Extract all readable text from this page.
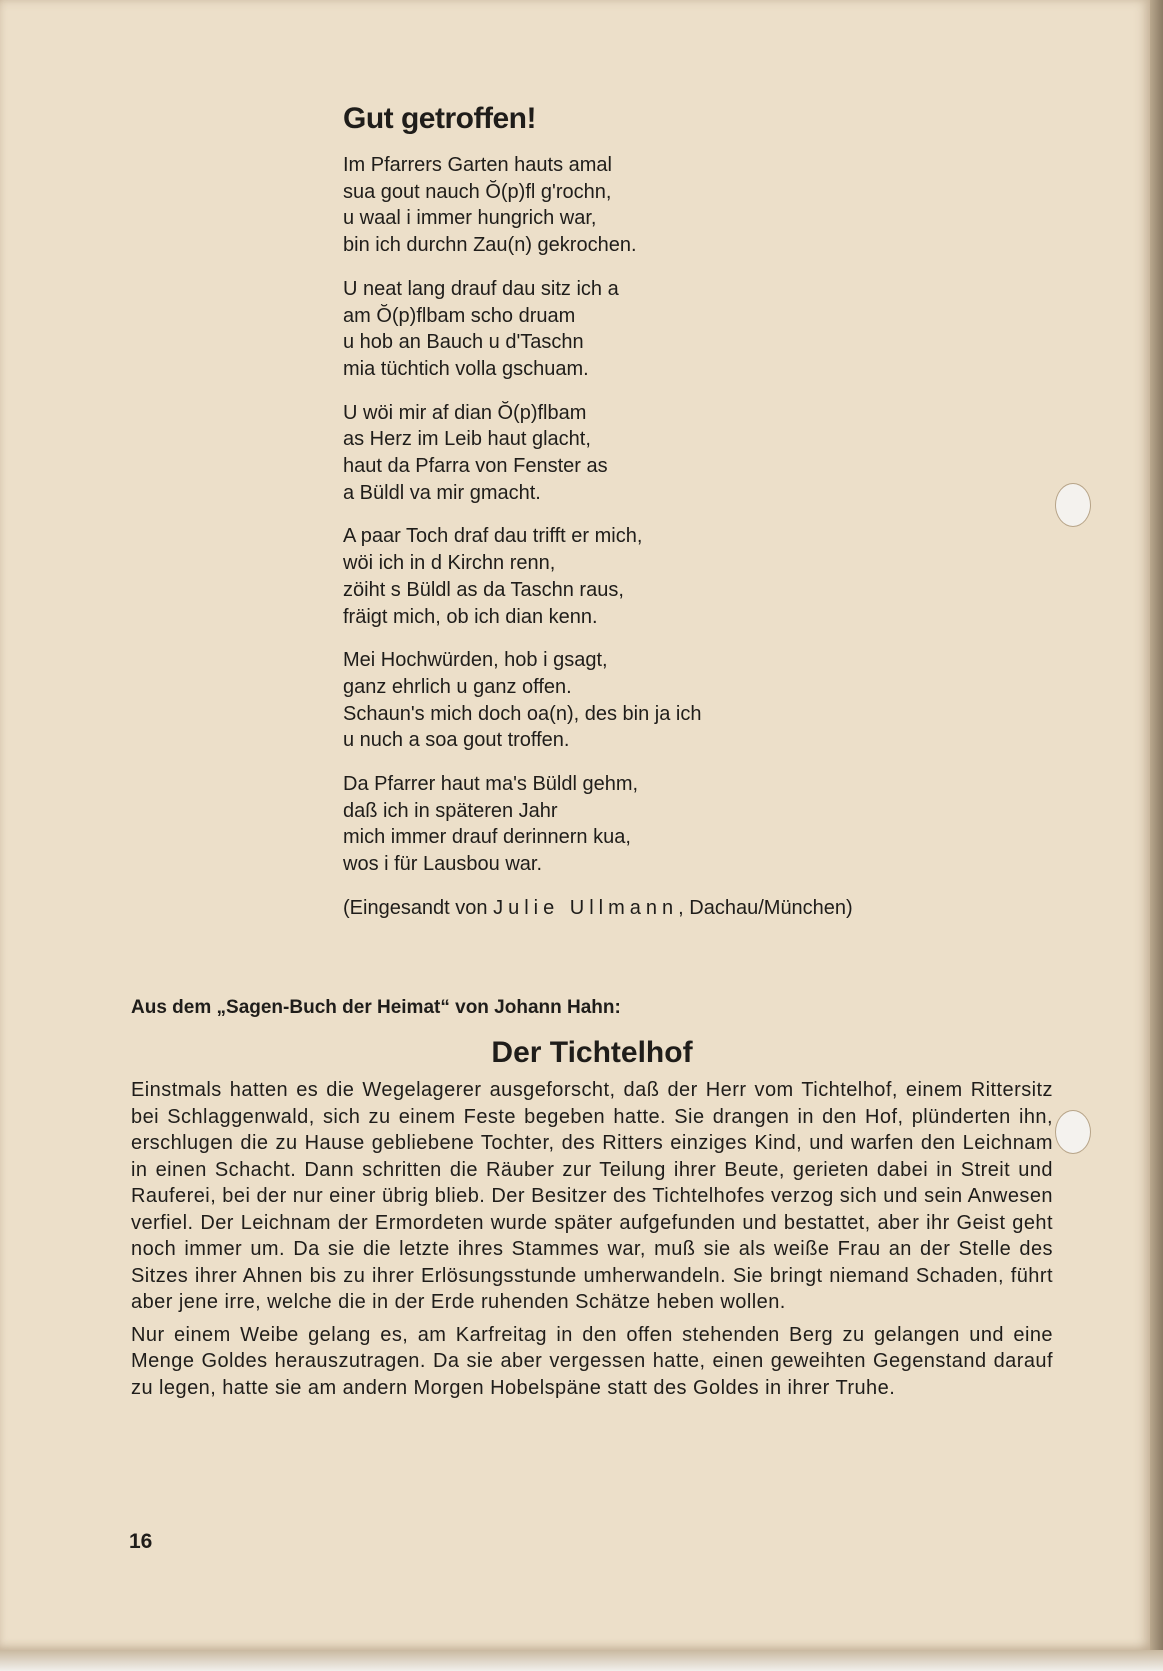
Gut getroffen!
Im Pfarrers Garten hauts amal
sua gout nauch Ŏ(p)fl g'rochn,
u waal i immer hungrich war,
bin ich durchn Zau(n) gekrochen.
U neat lang drauf dau sitz ich a
am Ŏ(p)flbam scho druam
u hob an Bauch u d'Taschn
mia tüchtich volla gschuam.
U wöi mir af dian Ŏ(p)flbam
as Herz im Leib haut glacht,
haut da Pfarra von Fenster as
a Büldl va mir gmacht.
A paar Toch draf dau trifft er mich,
wöi ich in d Kirchn renn,
zöiht s Büldl as da Taschn raus,
fräigt mich, ob ich dian kenn.
Mei Hochwürden, hob i gsagt,
ganz ehrlich u ganz offen.
Schaun's mich doch oa(n), des bin ja ich
u nuch a soa gout troffen.
Da Pfarrer haut ma's Büldl gehm,
daß ich in späteren Jahr
mich immer drauf derinnern kua,
wos i für Lausbou war.
(Eingesandt von Julie Ullmann, Dachau/München)
Aus dem „Sagen-Buch der Heimat“ von Johann Hahn:
Der Tichtelhof
Einstmals hatten es die Wegelagerer ausgeforscht, daß der Herr vom Tichtelhof, einem Rittersitz bei Schlaggenwald, sich zu einem Feste begeben hatte. Sie drangen in den Hof, plünderten ihn, erschlugen die zu Hause gebliebene Tochter, des Ritters einziges Kind, und warfen den Leichnam in einen Schacht. Dann schritten die Räuber zur Teilung ihrer Beute, gerieten dabei in Streit und Rauferei, bei der nur einer übrig blieb. Der Besitzer des Tichtelhofes verzog sich und sein Anwesen verfiel. Der Leichnam der Ermordeten wurde später aufgefunden und bestattet, aber ihr Geist geht noch immer um. Da sie die letzte ihres Stammes war, muß sie als weiße Frau an der Stelle des Sitzes ihrer Ahnen bis zu ihrer Erlösungsstunde umherwandeln. Sie bringt niemand Schaden, führt aber jene irre, welche die in der Erde ruhenden Schätze heben wollen.
Nur einem Weibe gelang es, am Karfreitag in den offen stehenden Berg zu gelangen und eine Menge Goldes herauszutragen. Da sie aber vergessen hatte, einen geweihten Gegenstand darauf zu legen, hatte sie am andern Morgen Hobelspäne statt des Goldes in ihrer Truhe.
16
